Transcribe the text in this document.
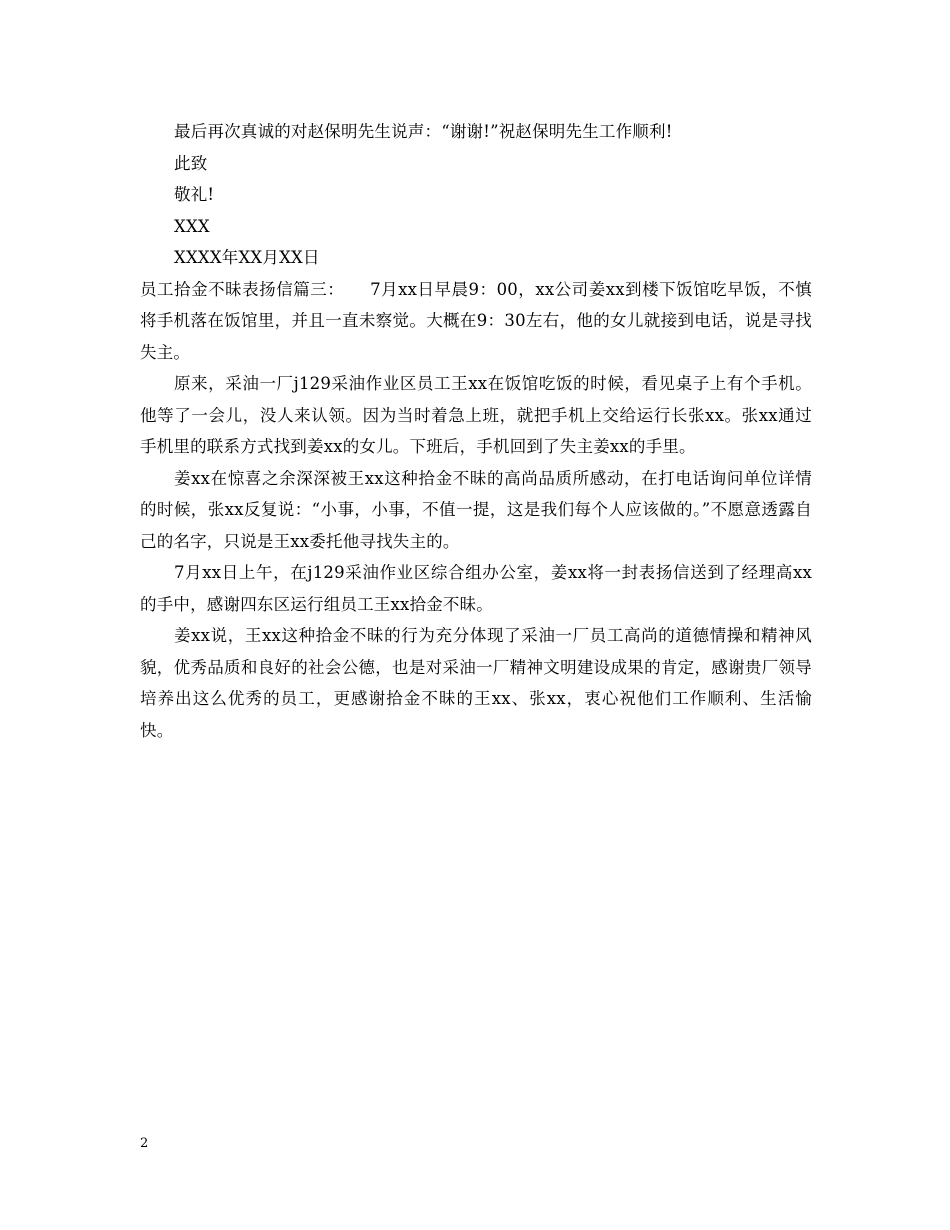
最后再次真诚的对赵保明先生说声：“谢谢!”祝赵保明先生工作顺利!

此致

敬礼!

XXX

XXXX年XX月XX日

员工拾金不昧表扬信篇三：　　7月xx日早晨9：00，xx公司姜xx到楼下饭馆吃早饭，不慎将手机落在饭馆里，并且一直未察觉。大概在9：30左右，他的女儿就接到电话，说是寻找失主。

原来，采油一厂j129采油作业区员工王xx在饭馆吃饭的时候，看见桌子上有个手机。他等了一会儿，没人来认领。因为当时着急上班，就把手机上交给运行长张xx。张xx通过手机里的联系方式找到姜xx的女儿。下班后，手机回到了失主姜xx的手里。

姜xx在惊喜之余深深被王xx这种拾金不昧的高尚品质所感动，在打电话询问单位详情的时候，张xx反复说：“小事，小事，不值一提，这是我们每个人应该做的。”不愿意透露自己的名字，只说是王xx委托他寻找失主的。

7月xx日上午，在j129采油作业区综合组办公室，姜xx将一封表扬信送到了经理高xx的手中，感谢四东区运行组员工王xx拾金不昧。

姜xx说，王xx这种拾金不昧的行为充分体现了采油一厂员工高尚的道德情操和精神风貌，优秀品质和良好的社会公德，也是对采油一厂精神文明建设成果的肯定，感谢贵厂领导培养出这么优秀的员工，更感谢拾金不昧的王xx、张xx，衷心祝他们工作顺利、生活愉快。

2
